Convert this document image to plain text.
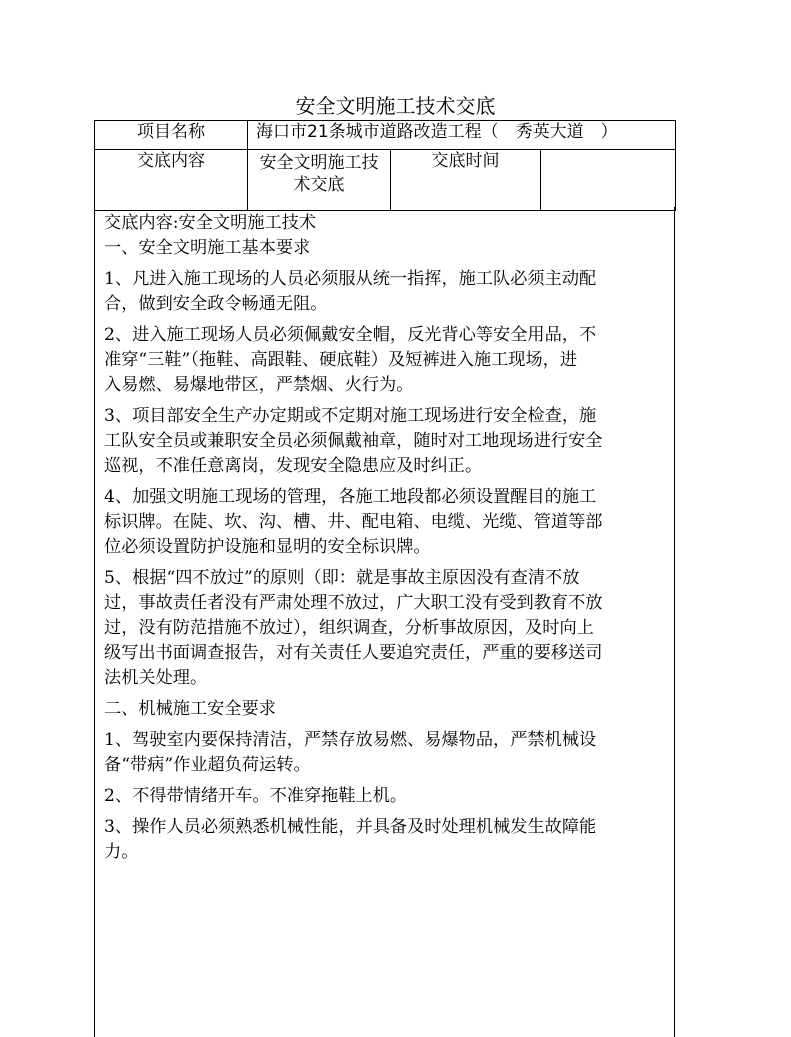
安全文明施工技术交底
项目名称	海口市21条城市道路改造工程（　秀英大道　）		
交底内容	安全文明施工技术交底	交底时间	
交底内容:安全文明施工技术
一、安全文明施工基本要求
1、凡进入施工现场的人员必须服从统一指挥，施工队必须主动配
合，做到安全政令畅通无阻。
2、进入施工现场人员必须佩戴安全帽，反光背心等安全用品，不
准穿“三鞋”（拖鞋、高跟鞋、硬底鞋）及短裤进入施工现场，进
入易燃、易爆地带区，严禁烟、火行为。
3、项目部安全生产办定期或不定期对施工现场进行安全检查，施
工队安全员或兼职安全员必须佩戴袖章，随时对工地现场进行安全
巡视，不准任意离岗，发现安全隐患应及时纠正。
4、加强文明施工现场的管理，各施工地段都必须设置醒目的施工
标识牌。在陡、坎、沟、槽、井、配电箱、电缆、光缆、管道等部
位必须设置防护设施和显明的安全标识牌。
5、根据“四不放过”的原则（即：就是事故主原因没有查清不放
过，事故责任者没有严肃处理不放过，广大职工没有受到教育不放
过，没有防范措施不放过），组织调查，分析事故原因，及时向上
级写出书面调查报告，对有关责任人要追究责任，严重的要移送司
法机关处理。
二、机械施工安全要求
1、驾驶室内要保持清洁，严禁存放易燃、易爆物品，严禁机械设
备“带病”作业超负荷运转。
2、不得带情绪开车。不准穿拖鞋上机。
3、操作人员必须熟悉机械性能，并具备及时处理机械发生故障能
力。
